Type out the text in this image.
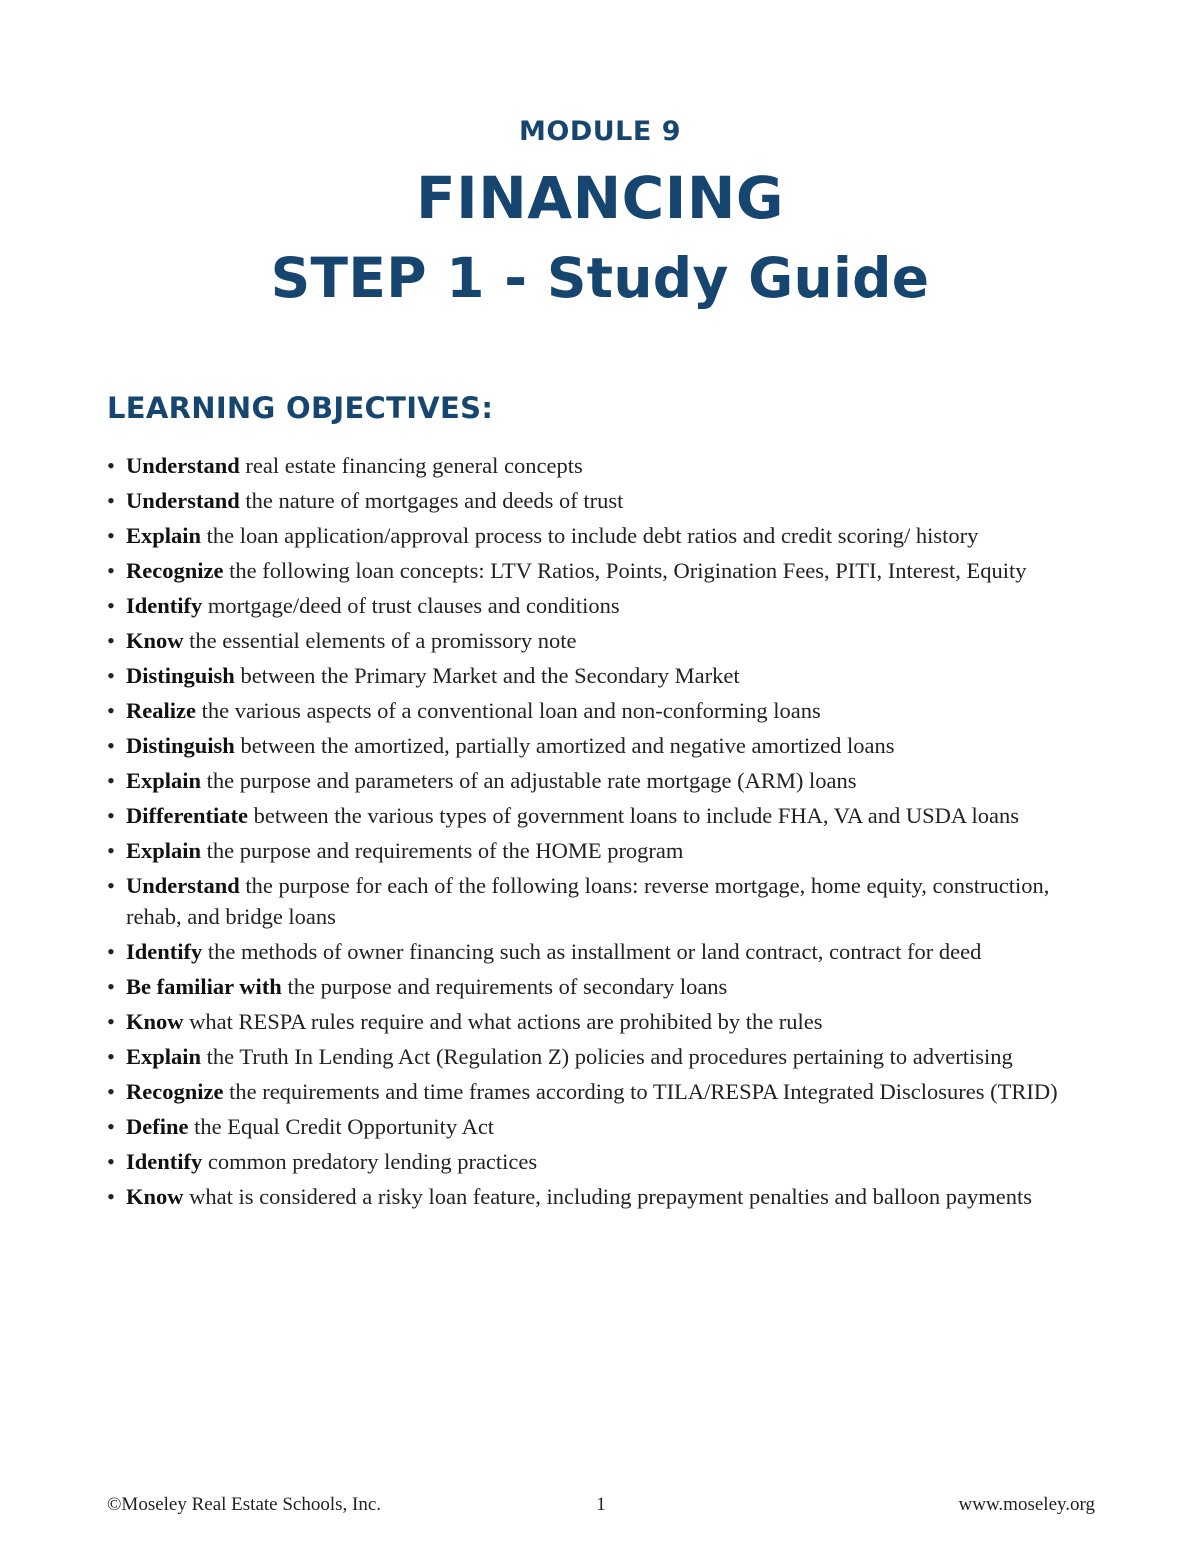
MODULE 9
FINANCING
STEP 1 - Study Guide
LEARNING OBJECTIVES:
• Understand real estate financing general concepts
• Understand the nature of mortgages and deeds of trust
• Explain the loan application/approval process to include debt ratios and credit scoring/ history
• Recognize the following loan concepts: LTV Ratios, Points, Origination Fees, PITI, Interest, Equity
• Identify mortgage/deed of trust clauses and conditions
• Know the essential elements of a promissory note
• Distinguish between the Primary Market and the Secondary Market
• Realize the various aspects of a conventional loan and non-conforming loans
• Distinguish between the amortized, partially amortized and negative amortized loans
• Explain the purpose and parameters of an adjustable rate mortgage (ARM) loans
• Differentiate between the various types of government loans to include FHA, VA and USDA loans
• Explain the purpose and requirements of the HOME program
• Understand the purpose for each of the following loans: reverse mortgage, home equity, construction, rehab, and bridge loans
• Identify the methods of owner financing such as installment or land contract, contract for deed
• Be familiar with the purpose and requirements of secondary loans
• Know what RESPA rules require and what actions are prohibited by the rules
• Explain the Truth In Lending Act (Regulation Z) policies and procedures pertaining to advertising
• Recognize the requirements and time frames according to TILA/RESPA Integrated Disclosures (TRID)
• Define the Equal Credit Opportunity Act
• Identify common predatory lending practices
• Know what is considered a risky loan feature, including prepayment penalties and balloon payments
©Moseley Real Estate Schools, Inc.	1	www.moseley.org
